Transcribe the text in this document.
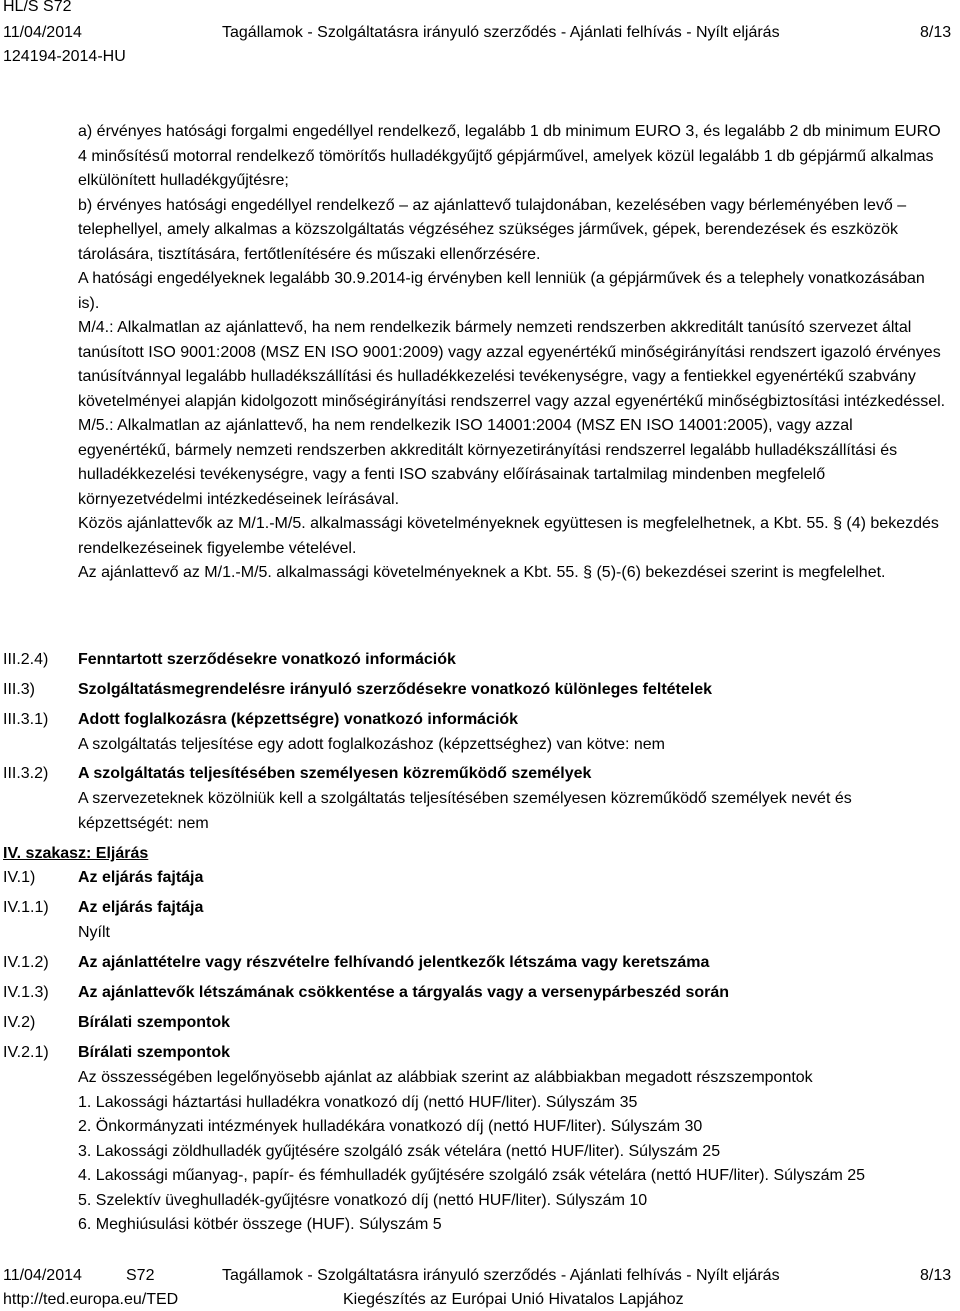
HL/S S72
11/04/2014	Tagállamok - Szolgáltatásra irányuló szerződés - Ajánlati felhívás - Nyílt eljárás	8/13
124194-2014-HU

a) érvényes hatósági forgalmi engedéllyel rendelkező, legalább 1 db minimum EURO 3, és legalább 2 db minimum EURO 4 minősítésű motorral rendelkező tömörítős hulladékgyűjtő gépjárművel, amelyek közül legalább 1 db gépjármű alkalmas elkülönített hulladékgyűjtésre;

b) érvényes hatósági engedéllyel rendelkező – az ajánlattevő tulajdonában, kezelésében vagy bérleményében levő – telephellyel, amely alkalmas a közszolgáltatás végzéséhez szükséges járművek, gépek, berendezések és eszközök tárolására, tisztítására, fertőtlenítésére és műszaki ellenőrzésére.

A hatósági engedélyeknek legalább 30.9.2014-ig érvényben kell lenniük (a gépjárművek és a telephely vonatkozásában is).

M/4.: Alkalmatlan az ajánlattevő, ha nem rendelkezik bármely nemzeti rendszerben akkreditált tanúsító szervezet által tanúsított ISO 9001:2008 (MSZ EN ISO 9001:2009) vagy azzal egyenértékű minőségirányítási rendszert igazoló érvényes tanúsítvánnyal legalább hulladékszállítási és hulladékkezelési tevékenységre, vagy a fentiekkel egyenértékű szabvány követelményei alapján kidolgozott minőségirányítási rendszerrel vagy azzal egyenértékű minőségbiztosítási intézkedéssel.

M/5.: Alkalmatlan az ajánlattevő, ha nem rendelkezik ISO 14001:2004 (MSZ EN ISO 14001:2005), vagy azzal egyenértékű, bármely nemzeti rendszerben akkreditált környezetirányítási rendszerrel legalább hulladékszállítási és hulladékkezelési tevékenységre, vagy a fenti ISO szabvány előírásainak tartalmilag mindenben megfelelő környezetvédelmi intézkedéseinek leírásával.

Közös ajánlattevők az M/1.-M/5. alkalmassági követelményeknek együttesen is megfelelhetnek, a Kbt. 55. § (4) bekezdés rendelkezéseinek figyelembe vételével.

Az ajánlattevő az M/1.-M/5. alkalmassági követelményeknek a Kbt. 55. § (5)-(6) bekezdései szerint is megfelelhet.

III.2.4) Fenntartott szerződésekre vonatkozó információk
III.3)	Szolgáltatásmegrendelésre irányuló szerződésekre vonatkozó különleges feltételek
III.3.1) Adott foglalkozásra (képzettségre) vonatkozó információk
A szolgáltatás teljesítése egy adott foglalkozáshoz (képzettséghez) van kötve: nem
III.3.2) A szolgáltatás teljesítésében személyesen közreműködő személyek
A szervezeteknek közölniük kell a szolgáltatás teljesítésében személyesen közreműködő személyek nevét és képzettségét: nem
IV. szakasz: Eljárás
IV.1)	Az eljárás fajtája
IV.1.1) Az eljárás fajtája
Nyílt
IV.1.2) Az ajánlattételre vagy részvételre felhívandó jelentkezők létszáma vagy keretszáma
IV.1.3) Az ajánlattevők létszámának csökkentése a tárgyalás vagy a versenypárbeszéd során
IV.2)	Bírálati szempontok
IV.2.1) Bírálati szempontok
Az összességében legelőnyösebb ajánlat az alábbiak szerint az alábbiakban megadott részszempontok
1. Lakossági háztartási hulladékra vonatkozó díj (nettó HUF/liter). Súlyszám 35
2. Önkormányzati intézmények hulladékára vonatkozó díj (nettó HUF/liter). Súlyszám 30
3. Lakossági zöldhulladék gyűjtésére szolgáló zsák vételára (nettó HUF/liter). Súlyszám 25
4. Lakossági műanyag-, papír- és fémhulladék gyűjtésére szolgáló zsák vételára (nettó HUF/liter). Súlyszám 25
5. Szelektív üveghulladék-gyűjtésre vonatkozó díj (nettó HUF/liter). Súlyszám 10
6. Meghiúsulási kötbér összege (HUF). Súlyszám 5
11/04/2014	S72	Tagállamok - Szolgáltatásra irányuló szerződés - Ajánlati felhívás - Nyílt eljárás	8/13
http://ted.europa.eu/TED	Kiegészítés az Európai Unió Hivatalos Lapjához
